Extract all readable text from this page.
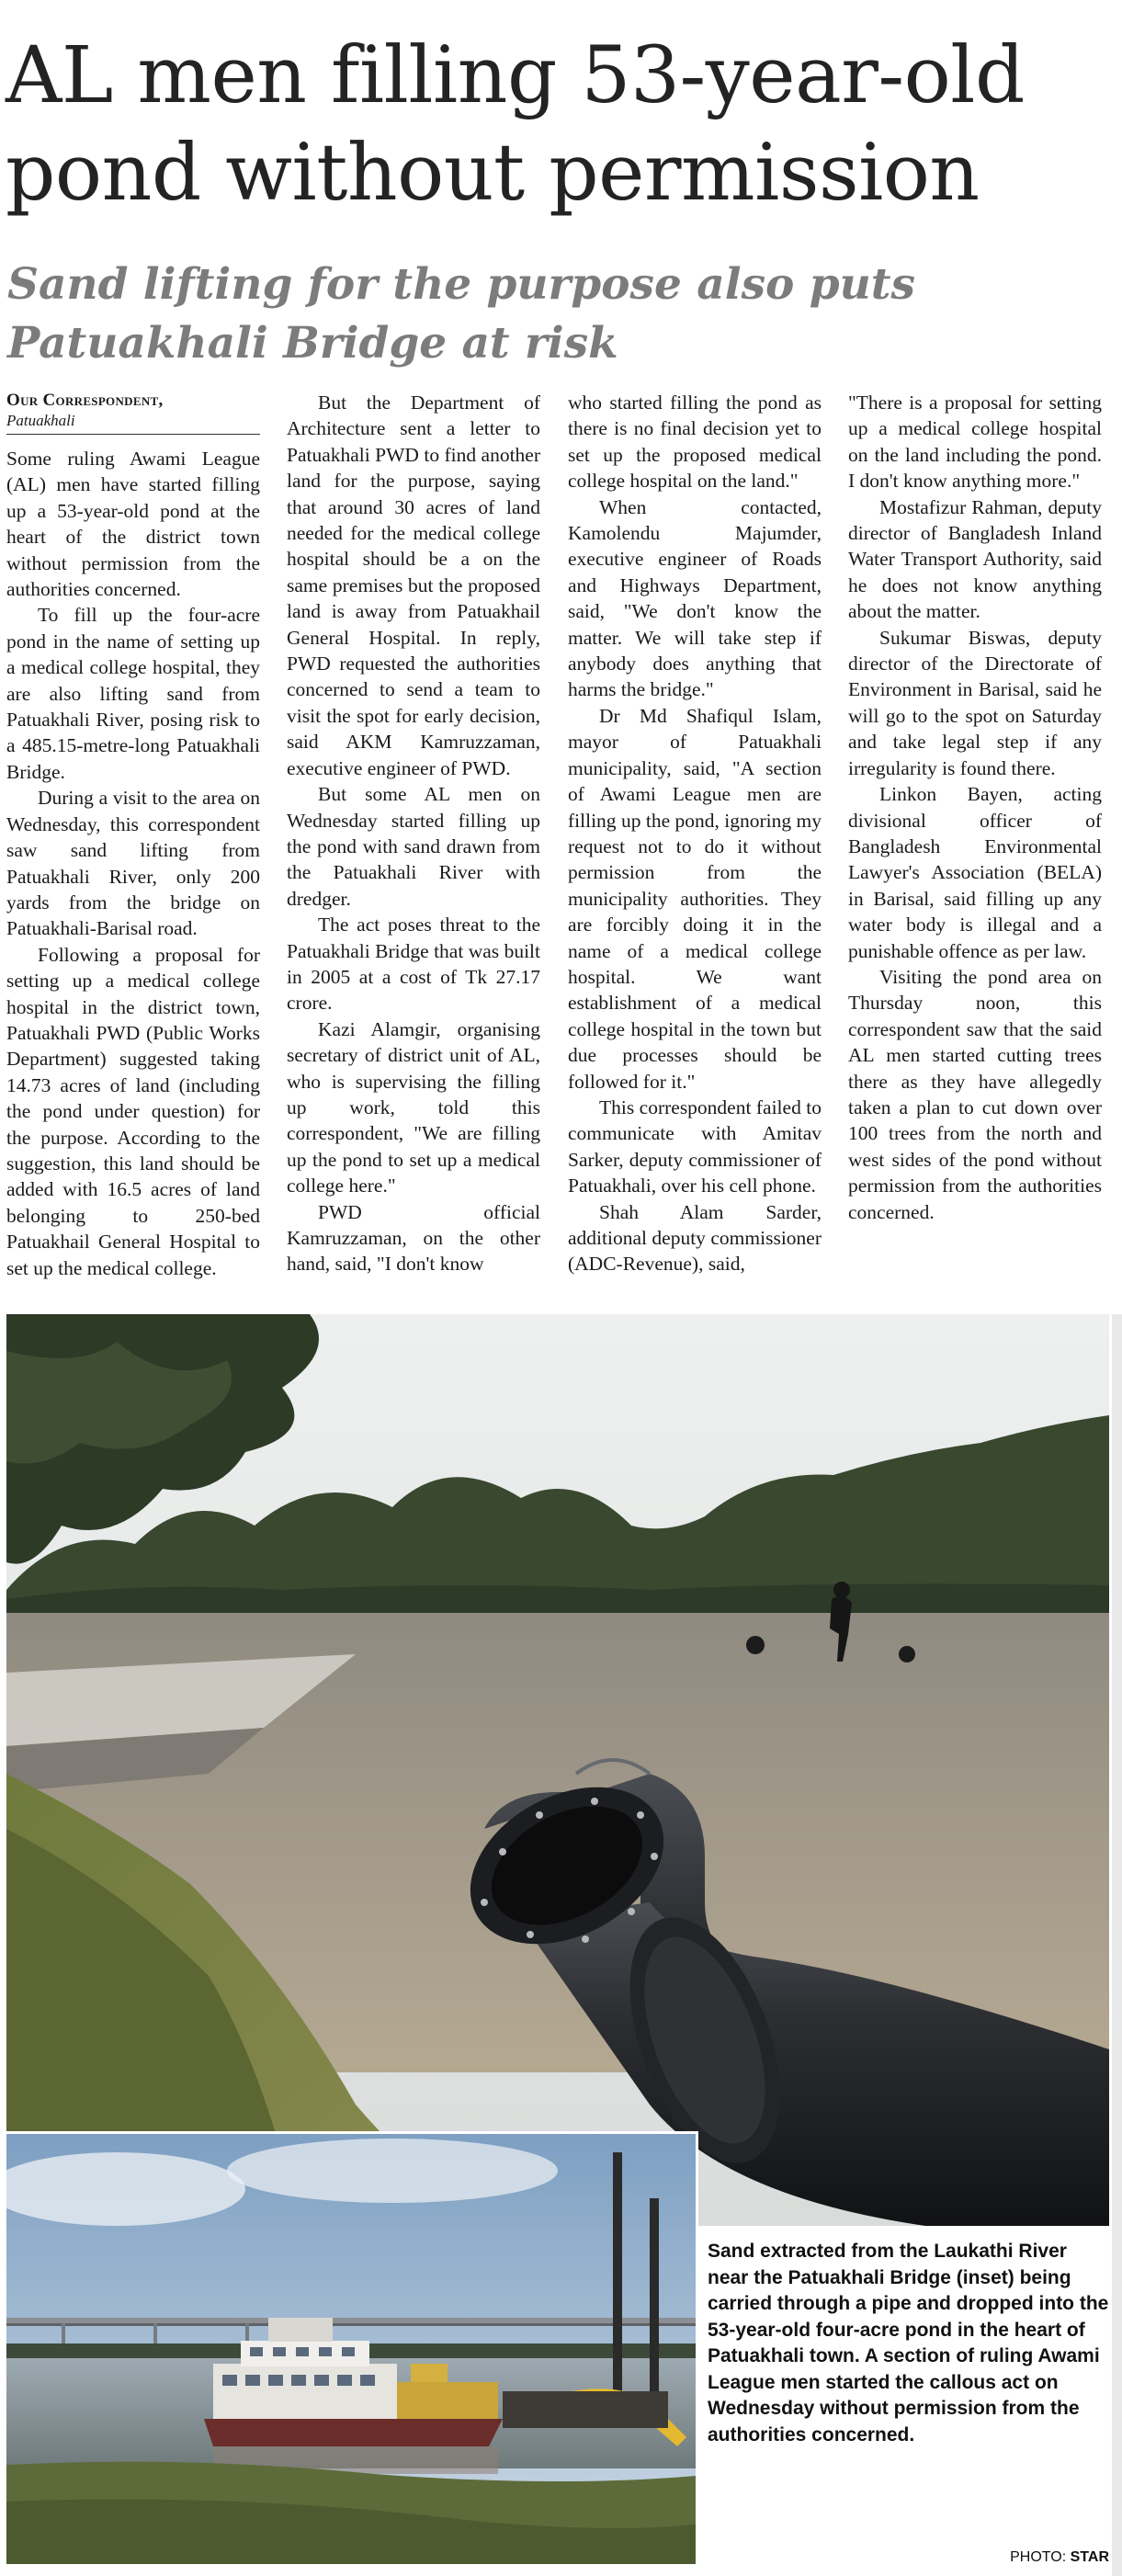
AL men filling 53-year-old pond without permission
Sand lifting for the purpose also puts Patuakhali Bridge at risk
Our Correspondent,
Patuakhali

Some ruling Awami League (AL) men have started filling up a 53-year-old pond at the heart of the district town without permission from the authorities concerned.

To fill up the four-acre pond in the name of setting up a medical college hospital, they are also lifting sand from Patuakhali River, posing risk to a 485.15-metre-long Patuakhali Bridge.

During a visit to the area on Wednesday, this correspondent saw sand lifting from Patuakhali River, only 200 yards from the bridge on Patuakhali-Barisal road.

Following a proposal for setting up a medical college hospital in the district town, Patuakhali PWD (Public Works Department) suggested taking 14.73 acres of land (including the pond under question) for the purpose. According to the suggestion, this land should be added with 16.5 acres of land belonging to 250-bed Patuakhail General Hospital to set up the medical college.

But the Department of Architecture sent a letter to Patuakhali PWD to find another land for the purpose, saying that around 30 acres of land needed for the medical college hospital should be a on the same premises but the proposed land is away from Patuakhail General Hospital. In reply, PWD requested the authorities concerned to send a team to visit the spot for early decision, said AKM Kamruzzaman, executive engineer of PWD.

But some AL men on Wednesday started filling up the pond with sand drawn from the Patuakhali River with dredger.

The act poses threat to the Patuakhali Bridge that was built in 2005 at a cost of Tk 27.17 crore.

Kazi Alamgir, organising secretary of district unit of AL, who is supervising the filling up work, told this correspondent, "We are filling up the pond to set up a medical college here."

PWD official Kamruzzaman, on the other hand, said, "I don't know

who started filling the pond as there is no final decision yet to set up the proposed medical college hospital on the land."

When contacted, Kamolendu Majumder, executive engineer of Roads and Highways Department, said, "We don't know the matter. We will take step if anybody does anything that harms the bridge."

Dr Md Shafiqul Islam, mayor of Patuakhali municipality, said, "A section of Awami League men are filling up the pond, ignoring my request not to do it without permission from the municipality authorities. They are forcibly doing it in the name of a medical college hospital. We want establishment of a medical college hospital in the town but due processes should be followed for it."

This correspondent failed to communicate with Amitav Sarker, deputy commissioner of Patuakhali, over his cell phone.

Shah Alam Sarder, additional deputy commissioner (ADC-Revenue), said,

"There is a proposal for setting up a medical college hospital on the land including the pond. I don't know anything more."

Mostafizur Rahman, deputy director of Bangladesh Inland Water Transport Authority, said he does not know anything about the matter.

Sukumar Biswas, deputy director of the Directorate of Environment in Barisal, said he will go to the spot on Saturday and take legal step if any irregularity is found there.

Linkon Bayen, acting divisional officer of Bangladesh Environmental Lawyer's Association (BELA) in Barisal, said filling up any water body is illegal and a punishable offence as per law.

Visiting the pond area on Thursday noon, this correspondent saw that the said AL men started cutting trees there as they have allegedly taken a plan to cut down over 100 trees from the north and west sides of the pond without permission from the authorities concerned.

Sand extracted from the Laukathi River near the Patuakhali Bridge (inset) being carried through a pipe and dropped into the 53-year-old four-acre pond in the heart of Patuakhali town. A section of ruling Awami League men started the callous act on Wednesday without permission from the authorities concerned.

PHOTO: STAR
